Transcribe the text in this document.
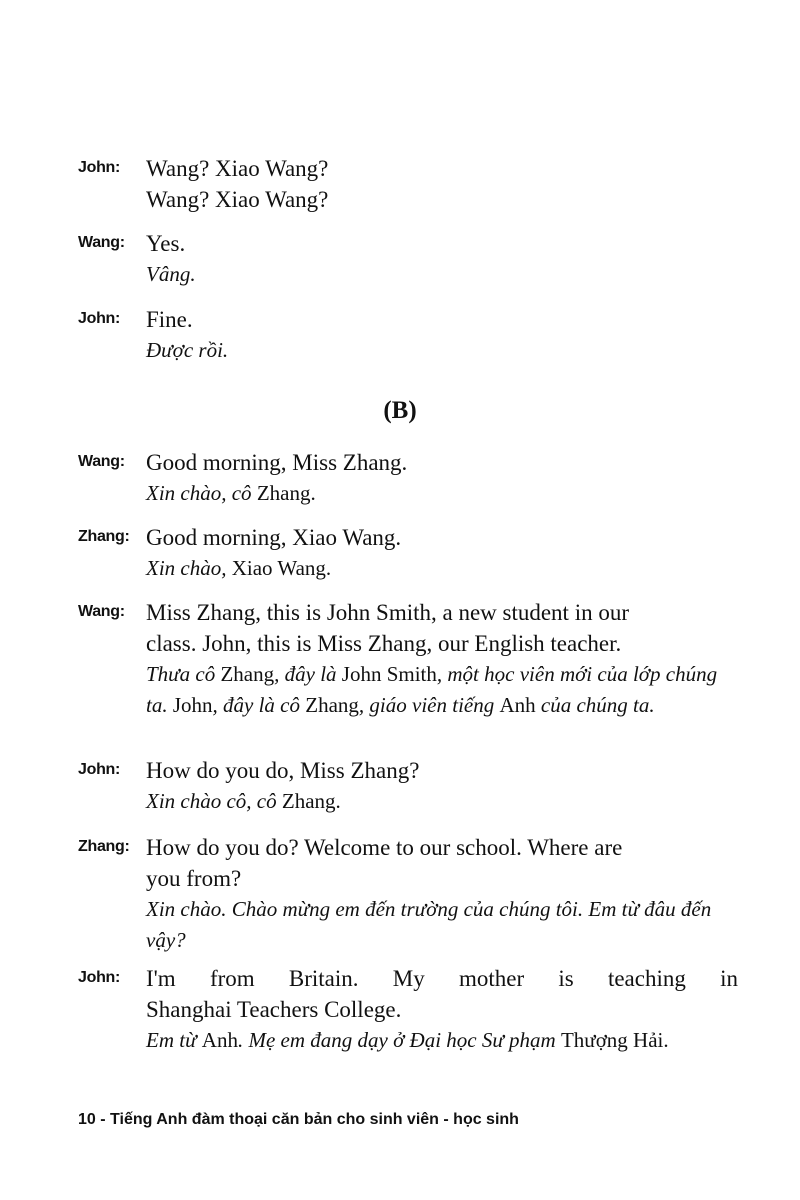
John: Wang? Xiao Wang?
Wang? Xiao Wang?
Wang: Yes.
Vâng.
John: Fine.
Được rồi.
(B)
Wang: Good morning, Miss Zhang.
Xin chào, cô Zhang.
Zhang: Good morning, Xiao Wang.
Xin chào, Xiao Wang.
Wang: Miss Zhang, this is John Smith, a new student in our
class. John, this is Miss Zhang, our English teacher.
Thưa cô Zhang, đây là John Smith, một học viên mới của lớp chúng ta. John, đây là cô Zhang, giáo viên tiếng Anh của chúng ta.
John: How do you do, Miss Zhang?
Xin chào cô, cô Zhang.
Zhang: How do you do? Welcome to our school. Where are
you from?
Xin chào. Chào mừng em đến trường của chúng tôi. Em từ đâu đến vậy?
John: I'm from Britain. My mother is teaching in
Shanghai Teachers College.
Em từ Anh. Mẹ em đang dạy ở Đại học Sư phạm Thượng Hải.
10 - Tiếng Anh đàm thoại căn bản cho sinh viên - học sinh
